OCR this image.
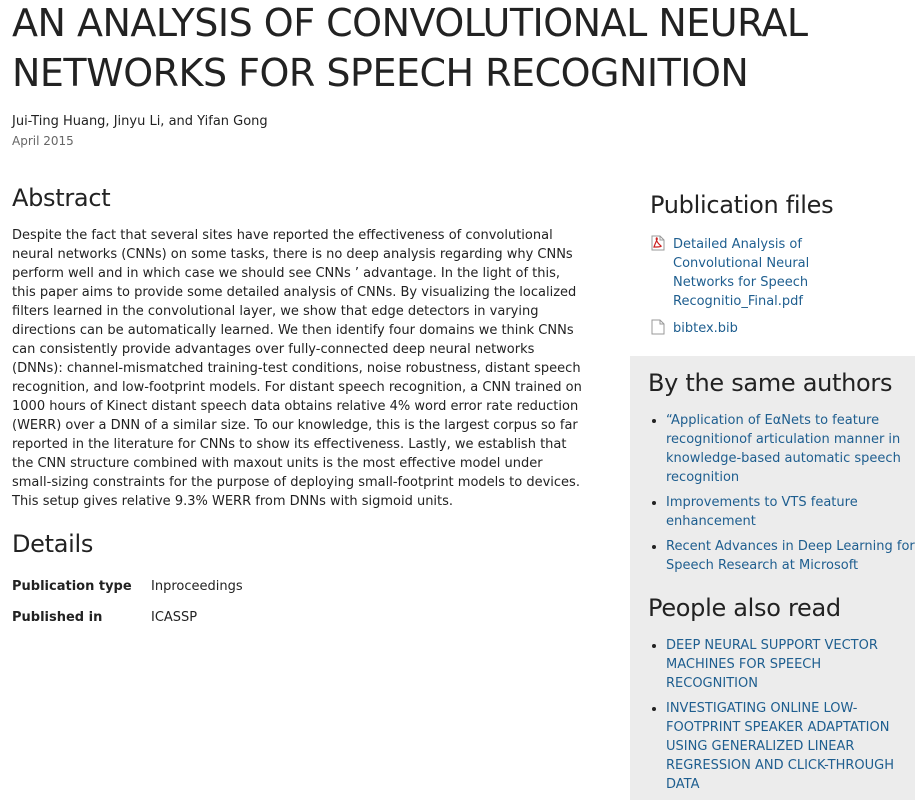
AN ANALYSIS OF CONVOLUTIONAL NEURAL NETWORKS FOR SPEECH RECOGNITION
Jui-Ting Huang, Jinyu Li, and Yifan Gong
April 2015
Abstract

Despite the fact that several sites have reported the effectiveness of convolutional neural networks (CNNs) on some tasks, there is no deep analysis regarding why CNNs perform well and in which case we should see CNNs ’ advantage. In the light of this, this paper aims to provide some detailed analysis of CNNs. By visualizing the localized filters learned in the convolutional layer, we show that edge detectors in varying directions can be automatically learned. We then identify four domains we think CNNs can consistently provide advantages over fully-connected deep neural networks (DNNs): channel-mismatched training-test conditions, noise robustness, distant speech recognition, and low-footprint models. For distant speech recognition, a CNN trained on 1000 hours of Kinect distant speech data obtains relative 4% word error rate reduction (WERR) over a DNN of a similar size. To our knowledge, this is the largest corpus so far reported in the literature for CNNs to show its effectiveness. Lastly, we establish that the CNN structure combined with maxout units is the most effective model under small-sizing constraints for the purpose of deploying small-footprint models to devices. This setup gives relative 9.3% WERR from DNNs with sigmoid units.

Details
Publication type Inproceedings
Published in	ICASSP
Publication files
Detailed Analysis of Convolutional Neural Networks for Speech Recognitio_Final.pdf
bibtex.bib
By the same authors
• “Application of EαNets to feature recognitionof articulation manner in knowledge-based automatic speech recognition
• Improvements to VTS feature enhancement
• Recent Advances in Deep Learning for Speech Research at Microsoft
People also read
• DEEP NEURAL SUPPORT VECTOR MACHINES FOR SPEECH RECOGNITION
• INVESTIGATING ONLINE LOW-FOOTPRINT SPEAKER ADAPTATION USING GENERALIZED LINEAR REGRESSION AND CLICK-THROUGH DATA
